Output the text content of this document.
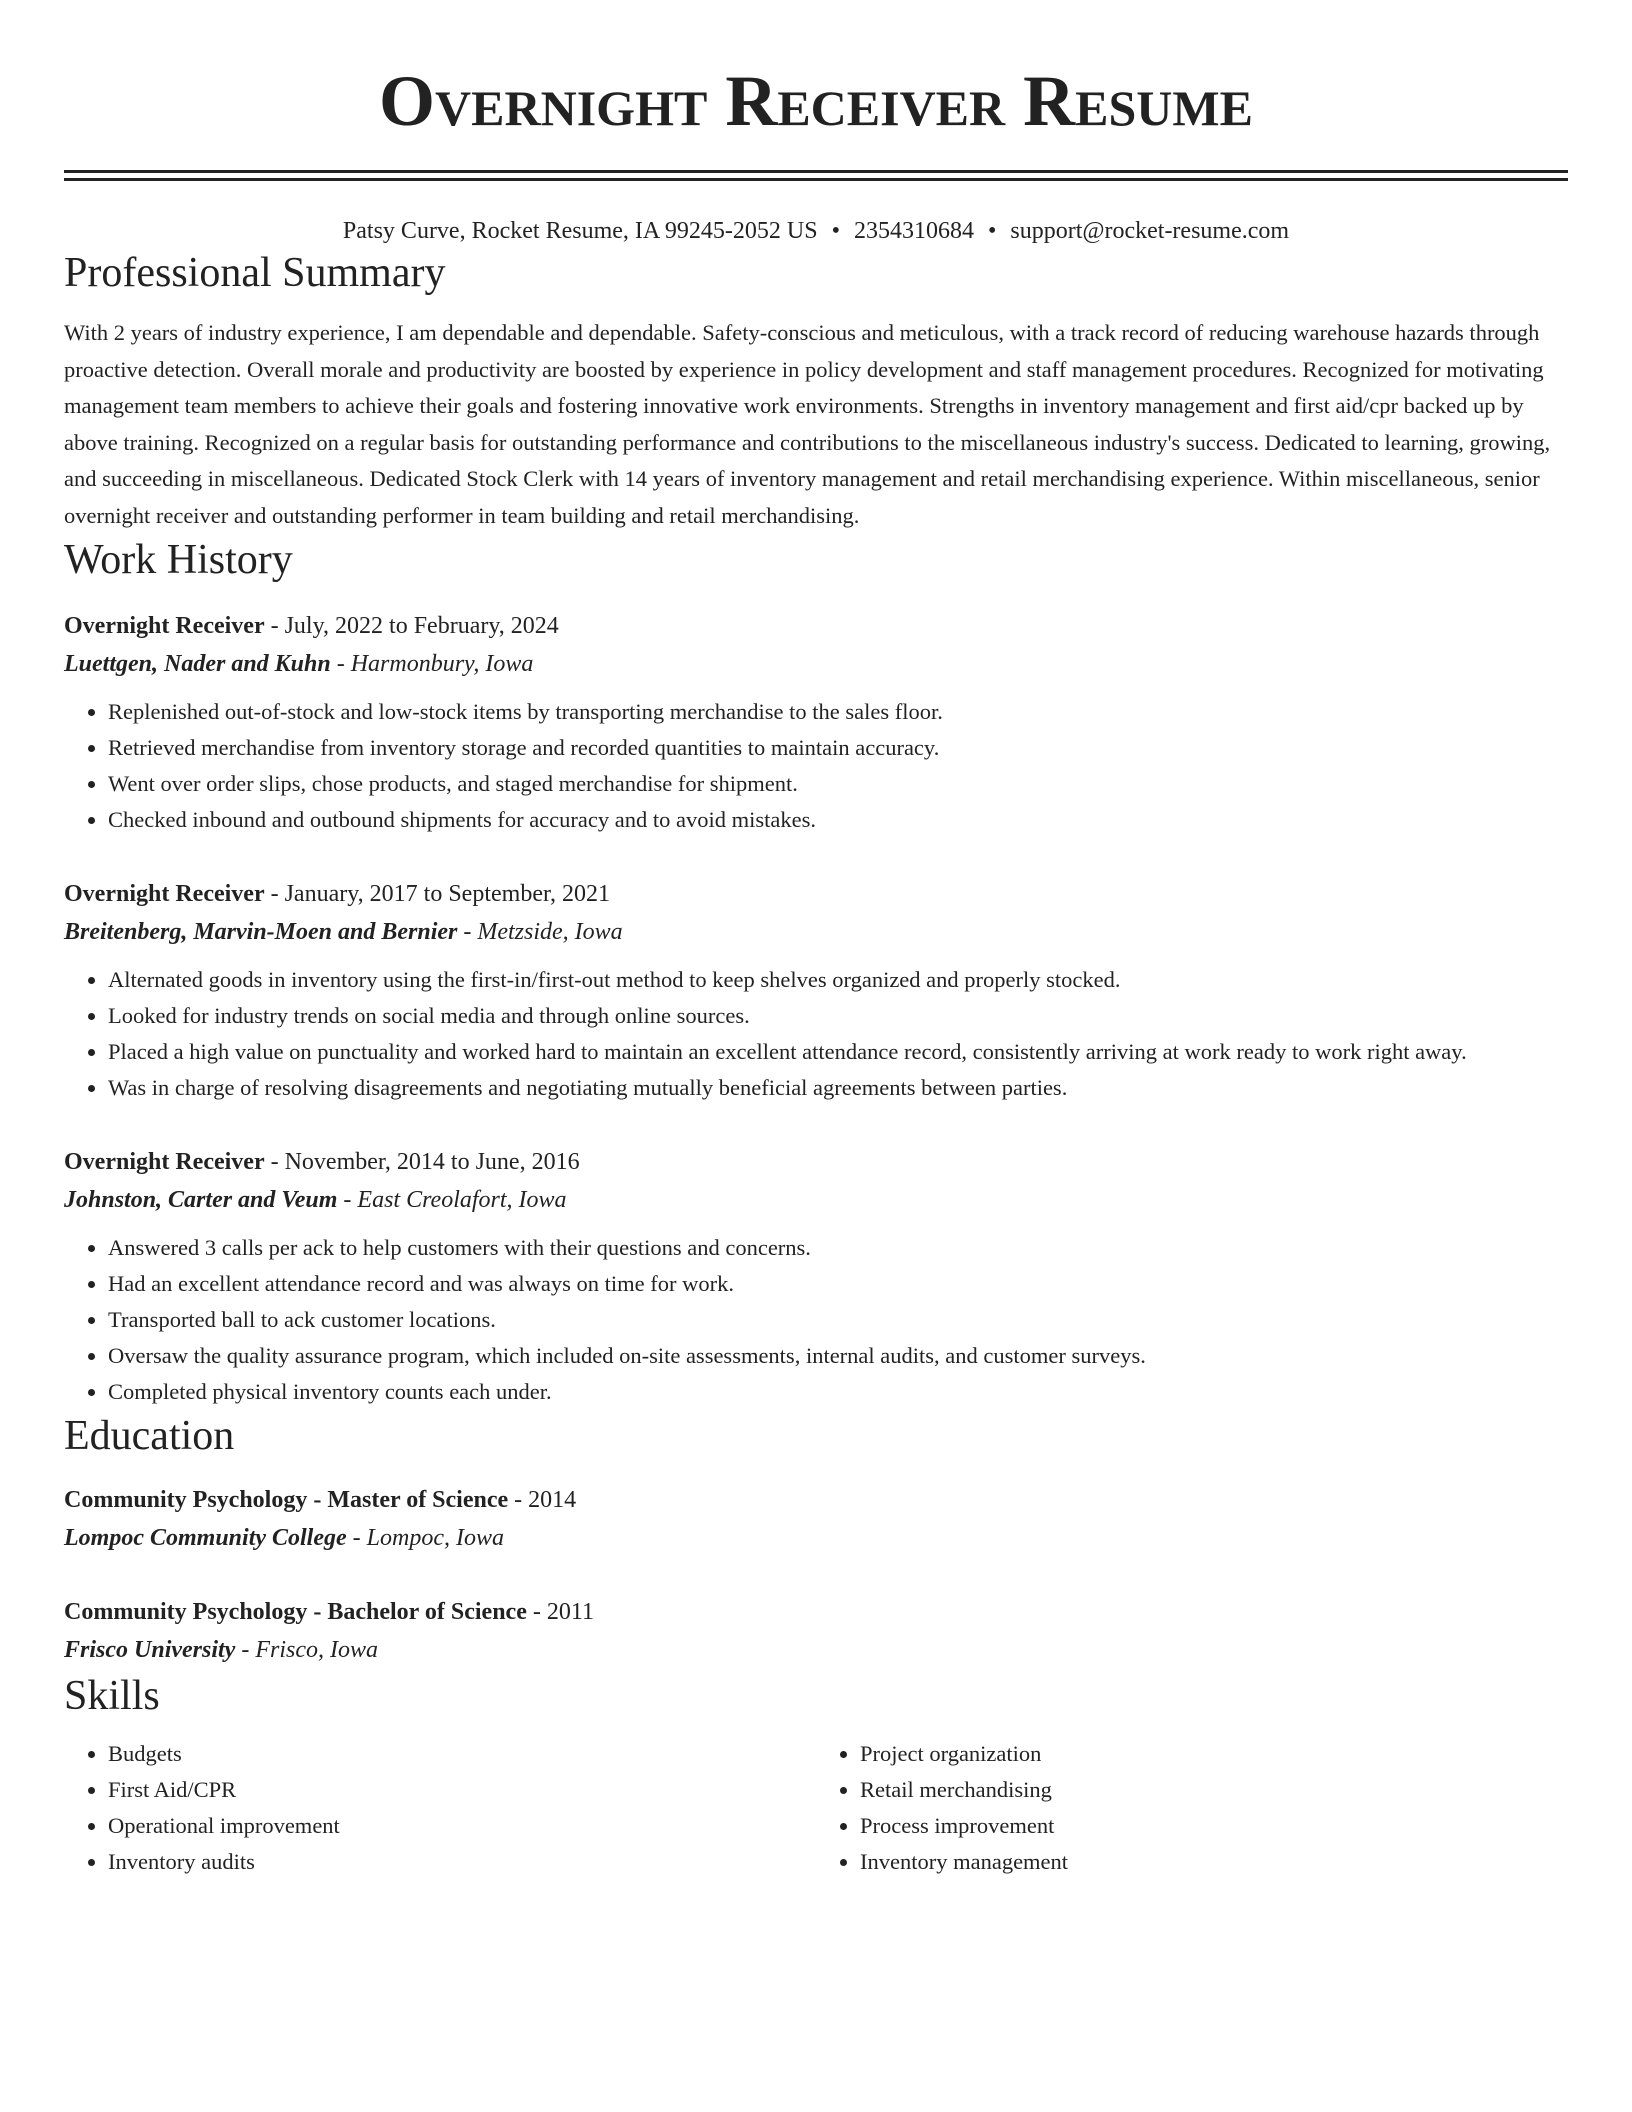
Overnight Receiver Resume
Patsy Curve, Rocket Resume, IA 99245-2052 US • 2354310684 • support@rocket-resume.com
Professional Summary
With 2 years of industry experience, I am dependable and dependable. Safety-conscious and meticulous, with a track record of reducing warehouse hazards through proactive detection. Overall morale and productivity are boosted by experience in policy development and staff management procedures. Recognized for motivating management team members to achieve their goals and fostering innovative work environments. Strengths in inventory management and first aid/cpr backed up by above training. Recognized on a regular basis for outstanding performance and contributions to the miscellaneous industry's success. Dedicated to learning, growing, and succeeding in miscellaneous. Dedicated Stock Clerk with 14 years of inventory management and retail merchandising experience. Within miscellaneous, senior overnight receiver and outstanding performer in team building and retail merchandising.
Work History
Overnight Receiver - July, 2022 to February, 2024
Luettgen, Nader and Kuhn - Harmonbury, Iowa
• Replenished out-of-stock and low-stock items by transporting merchandise to the sales floor.
• Retrieved merchandise from inventory storage and recorded quantities to maintain accuracy.
• Went over order slips, chose products, and staged merchandise for shipment.
• Checked inbound and outbound shipments for accuracy and to avoid mistakes.
Overnight Receiver - January, 2017 to September, 2021
Breitenberg, Marvin-Moen and Bernier - Metzside, Iowa
• Alternated goods in inventory using the first-in/first-out method to keep shelves organized and properly stocked.
• Looked for industry trends on social media and through online sources.
• Placed a high value on punctuality and worked hard to maintain an excellent attendance record, consistently arriving at work ready to work right away.
• Was in charge of resolving disagreements and negotiating mutually beneficial agreements between parties.
Overnight Receiver - November, 2014 to June, 2016
Johnston, Carter and Veum - East Creolafort, Iowa
• Answered 3 calls per ack to help customers with their questions and concerns.
• Had an excellent attendance record and was always on time for work.
• Transported ball to ack customer locations.
• Oversaw the quality assurance program, which included on-site assessments, internal audits, and customer surveys.
• Completed physical inventory counts each under.
Education
Community Psychology - Master of Science - 2014
Lompoc Community College - Lompoc, Iowa
Community Psychology - Bachelor of Science - 2011
Frisco University - Frisco, Iowa
Skills
• Budgets
• First Aid/CPR
• Operational improvement
• Inventory audits
• Project organization
• Retail merchandising
• Process improvement
• Inventory management
